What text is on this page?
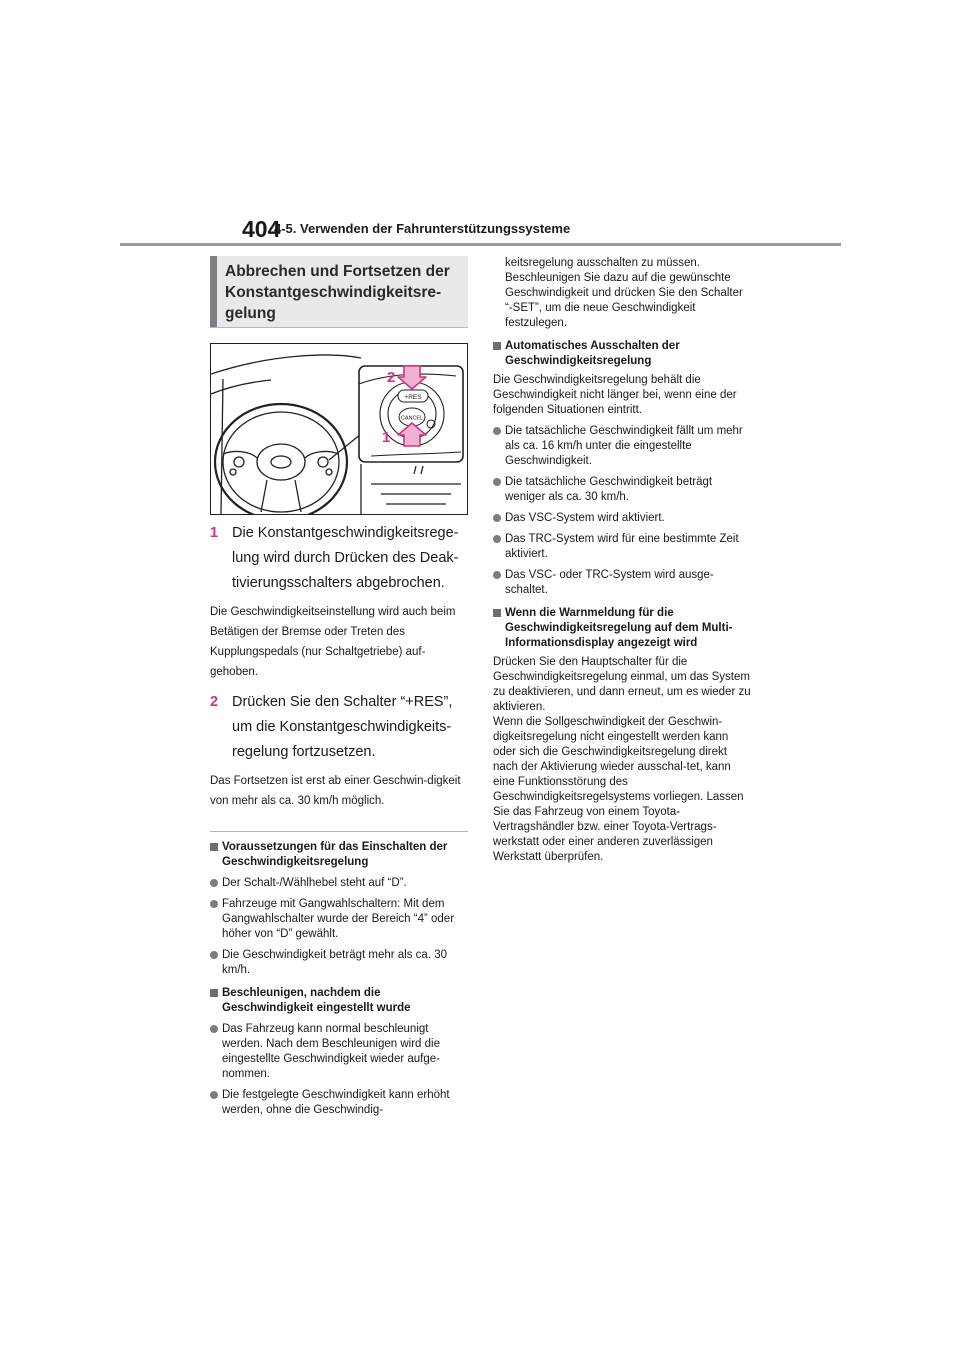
404
4-5. Verwenden der Fahrunterstützungssysteme
Abbrechen und Fortsetzen der Konstantgeschwindigkeitsre-gelung
+RES
CANCEL
2
1
1 Die Konstantgeschwindigkeitsrege-lung wird durch Drücken des Deak-tivierungsschalters abgebrochen.
Die Geschwindigkeitseinstellung wird auch beim Betätigen der Bremse oder Treten des Kupplungspedals (nur Schaltgetriebe) auf-gehoben.
2 Drücken Sie den Schalter “+RES”, um die Konstantgeschwindigkeits-regelung fortzusetzen.
Das Fortsetzen ist erst ab einer Geschwin-digkeit von mehr als ca. 30 km/h möglich.
Voraussetzungen für das Einschalten der Geschwindigkeitsregelung
Der Schalt-/Wählhebel steht auf “D”.
Fahrzeuge mit Gangwahlschaltern: Mit dem Gangwahlschalter wurde der Bereich “4” oder höher von “D” gewählt.
Die Geschwindigkeit beträgt mehr als ca. 30 km/h.
Beschleunigen, nachdem die Geschwindigkeit eingestellt wurde
Das Fahrzeug kann normal beschleunigt werden. Nach dem Beschleunigen wird die eingestellte Geschwindigkeit wieder aufge-nommen.
Die festgelegte Geschwindigkeit kann erhöht werden, ohne die Geschwindig-
keitsregelung ausschalten zu müssen. Beschleunigen Sie dazu auf die gewünschte Geschwindigkeit und drücken Sie den Schalter “-SET”, um die neue Geschwindigkeit festzulegen.
Automatisches Ausschalten der Geschwindigkeitsregelung
Die Geschwindigkeitsregelung behält die Geschwindigkeit nicht länger bei, wenn eine der folgenden Situationen eintritt.
Die tatsächliche Geschwindigkeit fällt um mehr als ca. 16 km/h unter die eingestellte Geschwindigkeit.
Die tatsächliche Geschwindigkeit beträgt weniger als ca. 30 km/h.
Das VSC-System wird aktiviert.
Das TRC-System wird für eine bestimmte Zeit aktiviert.
Das VSC- oder TRC-System wird ausge-schaltet.
Wenn die Warnmeldung für die Geschwindigkeitsregelung auf dem Multi-Informationsdisplay angezeigt wird
Drücken Sie den Hauptschalter für die Geschwindigkeitsregelung einmal, um das System zu deaktivieren, und dann erneut, um es wieder zu aktivieren.
Wenn die Sollgeschwindigkeit der Geschwin-digkeitsregelung nicht eingestellt werden kann oder sich die Geschwindigkeitsregelung direkt nach der Aktivierung wieder ausschal-tet, kann eine Funktionsstörung des Geschwindigkeitsregelsystems vorliegen. Lassen Sie das Fahrzeug von einem Toyota-Vertragshändler bzw. einer Toyota-Vertrags-werkstatt oder einer anderen zuverlässigen Werkstatt überprüfen.
